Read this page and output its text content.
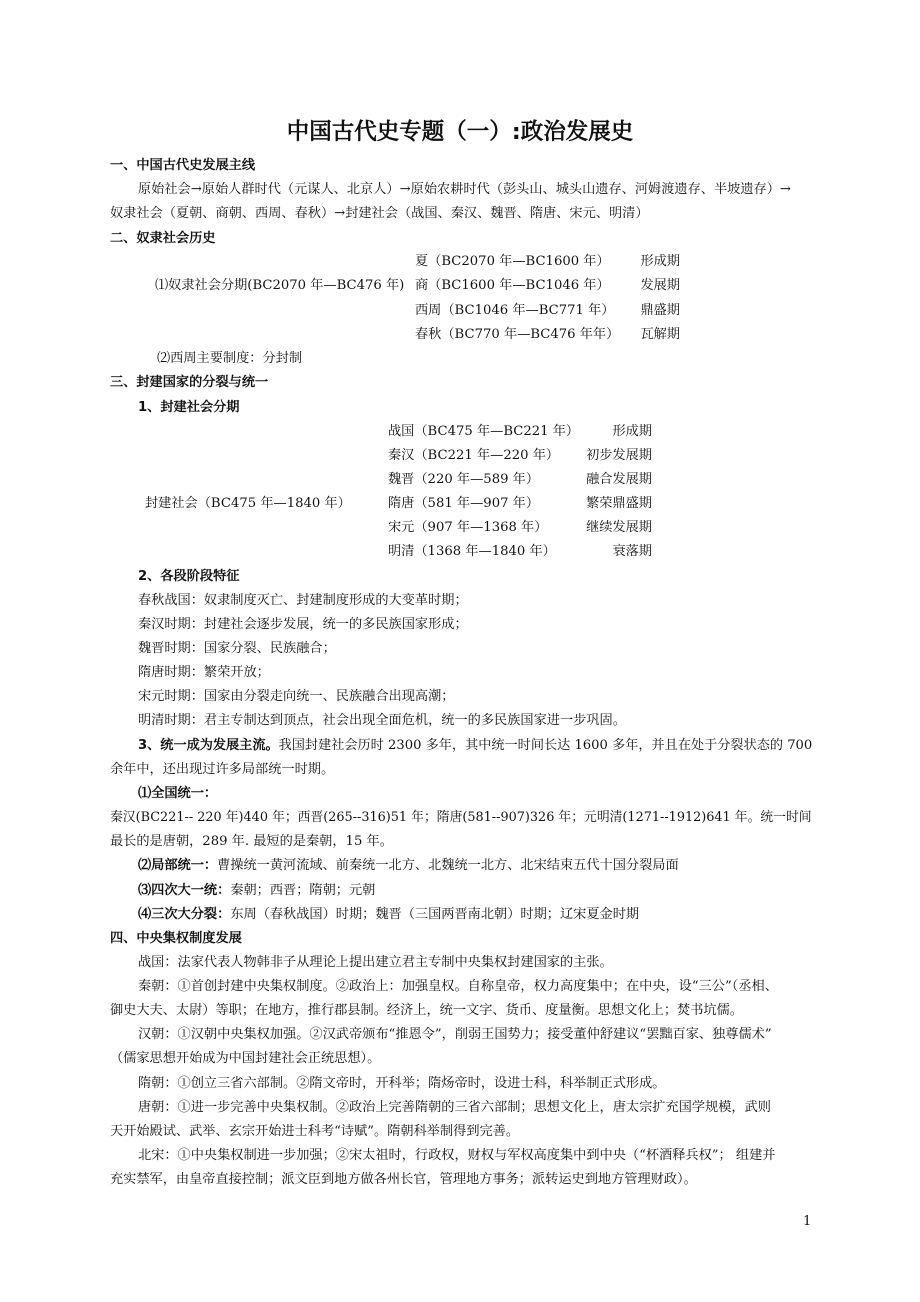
中国古代史专题（一）:政治发展史
一、中国古代史发展主线
原始社会→原始人群时代（元谋人、北京人）→原始农耕时代（彭头山、城头山遗存、河姆渡遗存、半坡遗存）→
奴隶社会（夏朝、商朝、西周、春秋）→封建社会（战国、秦汉、魏晋、隋唐、宋元、明清）
二、奴隶社会历史
夏（BC2070 年—BC1600 年）	形成期
⑴奴隶社会分期(BC2070 年—BC476 年) 商（BC1600 年—BC1046 年）	发展期
西周（BC1046 年—BC771 年）	鼎盛期
春秋（BC770 年—BC476 年年）	瓦解期
⑵西周主要制度：分封制
三、封建国家的分裂与统一
1、封建社会分期
战国（BC475 年—BC221 年）	形成期
秦汉（BC221 年—220 年）	初步发展期
魏晋（220 年—589 年）	融合发展期
封建社会（BC475 年—1840 年）	隋唐（581 年—907 年）	繁荣鼎盛期
宋元（907 年—1368 年）	继续发展期
明清（1368 年—1840 年）	衰落期
2、各段阶段特征
春秋战国：奴隶制度灭亡、封建制度形成的大变革时期；
秦汉时期：封建社会逐步发展，统一的多民族国家形成；
魏晋时期：国家分裂、民族融合；
隋唐时期：繁荣开放；
宋元时期：国家由分裂走向统一、民族融合出现高潮；
明清时期：君主专制达到顶点，社会出现全面危机，统一的多民族国家进一步巩固。
3、统一成为发展主流。我国封建社会历时 2300 多年，其中统一时间长达 1600 多年，并且在处于分裂状态的 700
余年中，还出现过许多局部统一时期。
⑴全国统一：
秦汉(BC221-- 220 年)440 年；西晋(265--316)51 年；隋唐(581--907)326 年；元明清(1271--1912)641 年。统一时间
最长的是唐朝，289 年. 最短的是秦朝，15 年。
⑵局部统一：曹操统一黄河流域、前秦统一北方、北魏统一北方、北宋结束五代十国分裂局面
⑶四次大一统：秦朝；西晋；隋朝；元朝
⑷三次大分裂：东周（春秋战国）时期；魏晋（三国两晋南北朝）时期；辽宋夏金时期
四、中央集权制度发展
战国：法家代表人物韩非子从理论上提出建立君主专制中央集权封建国家的主张。
秦朝：①首创封建中央集权制度。②政治上：加强皇权。自称皇帝，权力高度集中；在中央，设“三公”（丞相、
御史大夫、太尉）等职；在地方，推行郡县制。经济上，统一文字、货币、度量衡。思想文化上；焚书坑儒。
汉朝：①汉朝中央集权加强。②汉武帝颁布“推恩令”，削弱王国势力；接受董仲舒建议“罢黜百家、独尊儒术”
（儒家思想开始成为中国封建社会正统思想）。
隋朝：①创立三省六部制。②隋文帝时，开科举；隋炀帝时，设进士科，科举制正式形成。
唐朝：①进一步完善中央集权制。②政治上完善隋朝的三省六部制；思想文化上，唐太宗扩充国学规模，武则
天开始殿试、武举、玄宗开始进士科考“诗赋”。隋朝科举制得到完善。
北宋：①中央集权制进一步加强；②宋太祖时，行政权，财权与军权高度集中到中央（“杯酒释兵权”； 组建并
充实禁军，由皇帝直接控制；派文臣到地方做各州长官，管理地方事务；派转运史到地方管理财政）。
1
